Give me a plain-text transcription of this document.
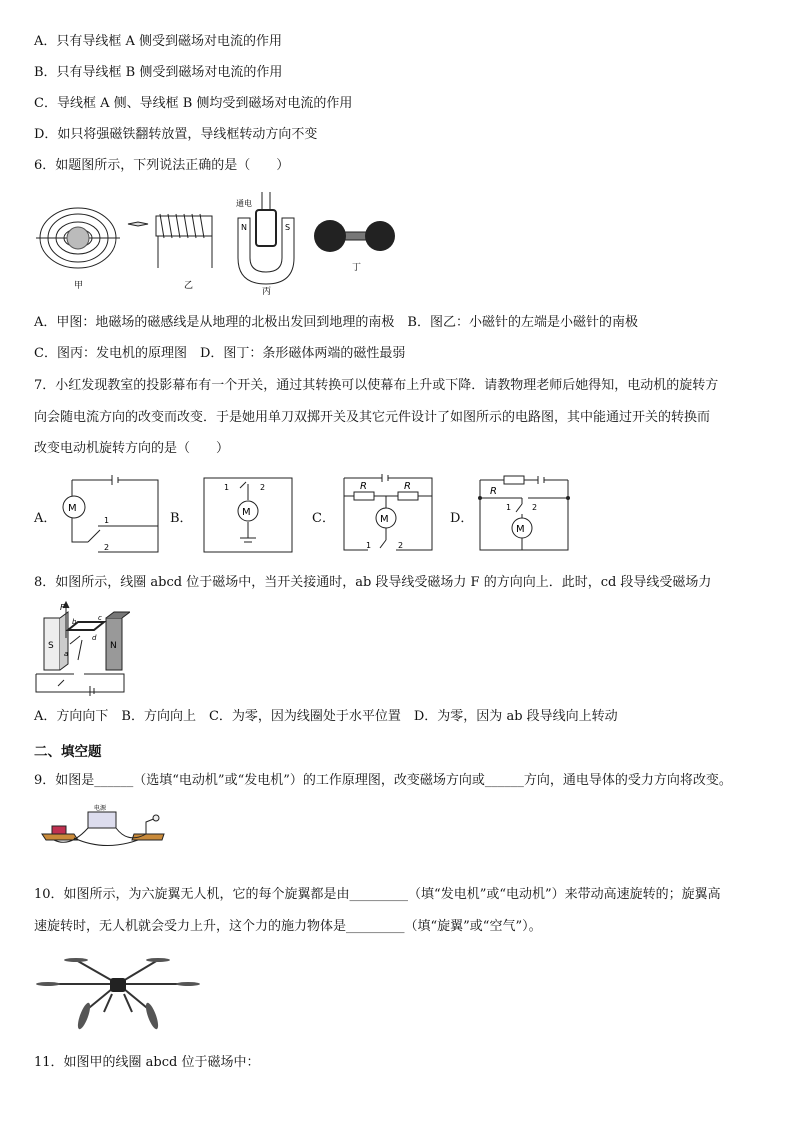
A．只有导线框 A 侧受到磁场对电流的作用
B．只有导线框 B 侧受到磁场对电流的作用
C．导线框 A 侧、导线框 B 侧均受到磁场对电流的作用
D．如只将强磁铁翻转放置，导线框转动方向不变
6．如题图所示，下列说法正确的是（　　）
甲	乙
通电
N	S
丙
丁
A．甲图：地磁场的磁感线是从地理的北极出发回到地理的南极　B．图乙：小磁针的左端是小磁针的南极
C．图丙：发电机的原理图　D．图丁：条形磁体两端的磁性最弱
7．小红发现教室的投影幕布有一个开关，通过其转换可以使幕布上升或下降．请教物理老师后她得知，电动机的旋转方
向会随电流方向的改变而改变．于是她用单刀双掷开关及其它元件设计了如图所示的电路图，其中能通过开关的转换而
改变电动机旋转方向的是（　　）
A．	B．	C．	D．
M
1
2
1	2
M
R	R
M
1	2
R
1	2
M
8．如图所示，线圈 abcd 位于磁场中，当开关接通时，ab 段导线受磁场力 F 的方向向上．此时，cd 段导线受磁场力
F
S	N
a
b	c
d
A．方向向下　B．方向向上　C．为零，因为线圈处于水平位置　D．为零，因为 ab 段导线向上转动
二、填空题
9．如图是______（选填“电动机”或“发电机”）的工作原理图，改变磁场方向或______方向，通电导体的受力方向将改变。
电源
10．如图所示，为六旋翼无人机，它的每个旋翼都是由_________（填“发电机”或“电动机”）来带动高速旋转的；旋翼高
速旋转时，无人机就会受力上升，这个力的施力物体是_________（填“旋翼”或“空气”）。
11．如图甲的线圈 abcd 位于磁场中：
